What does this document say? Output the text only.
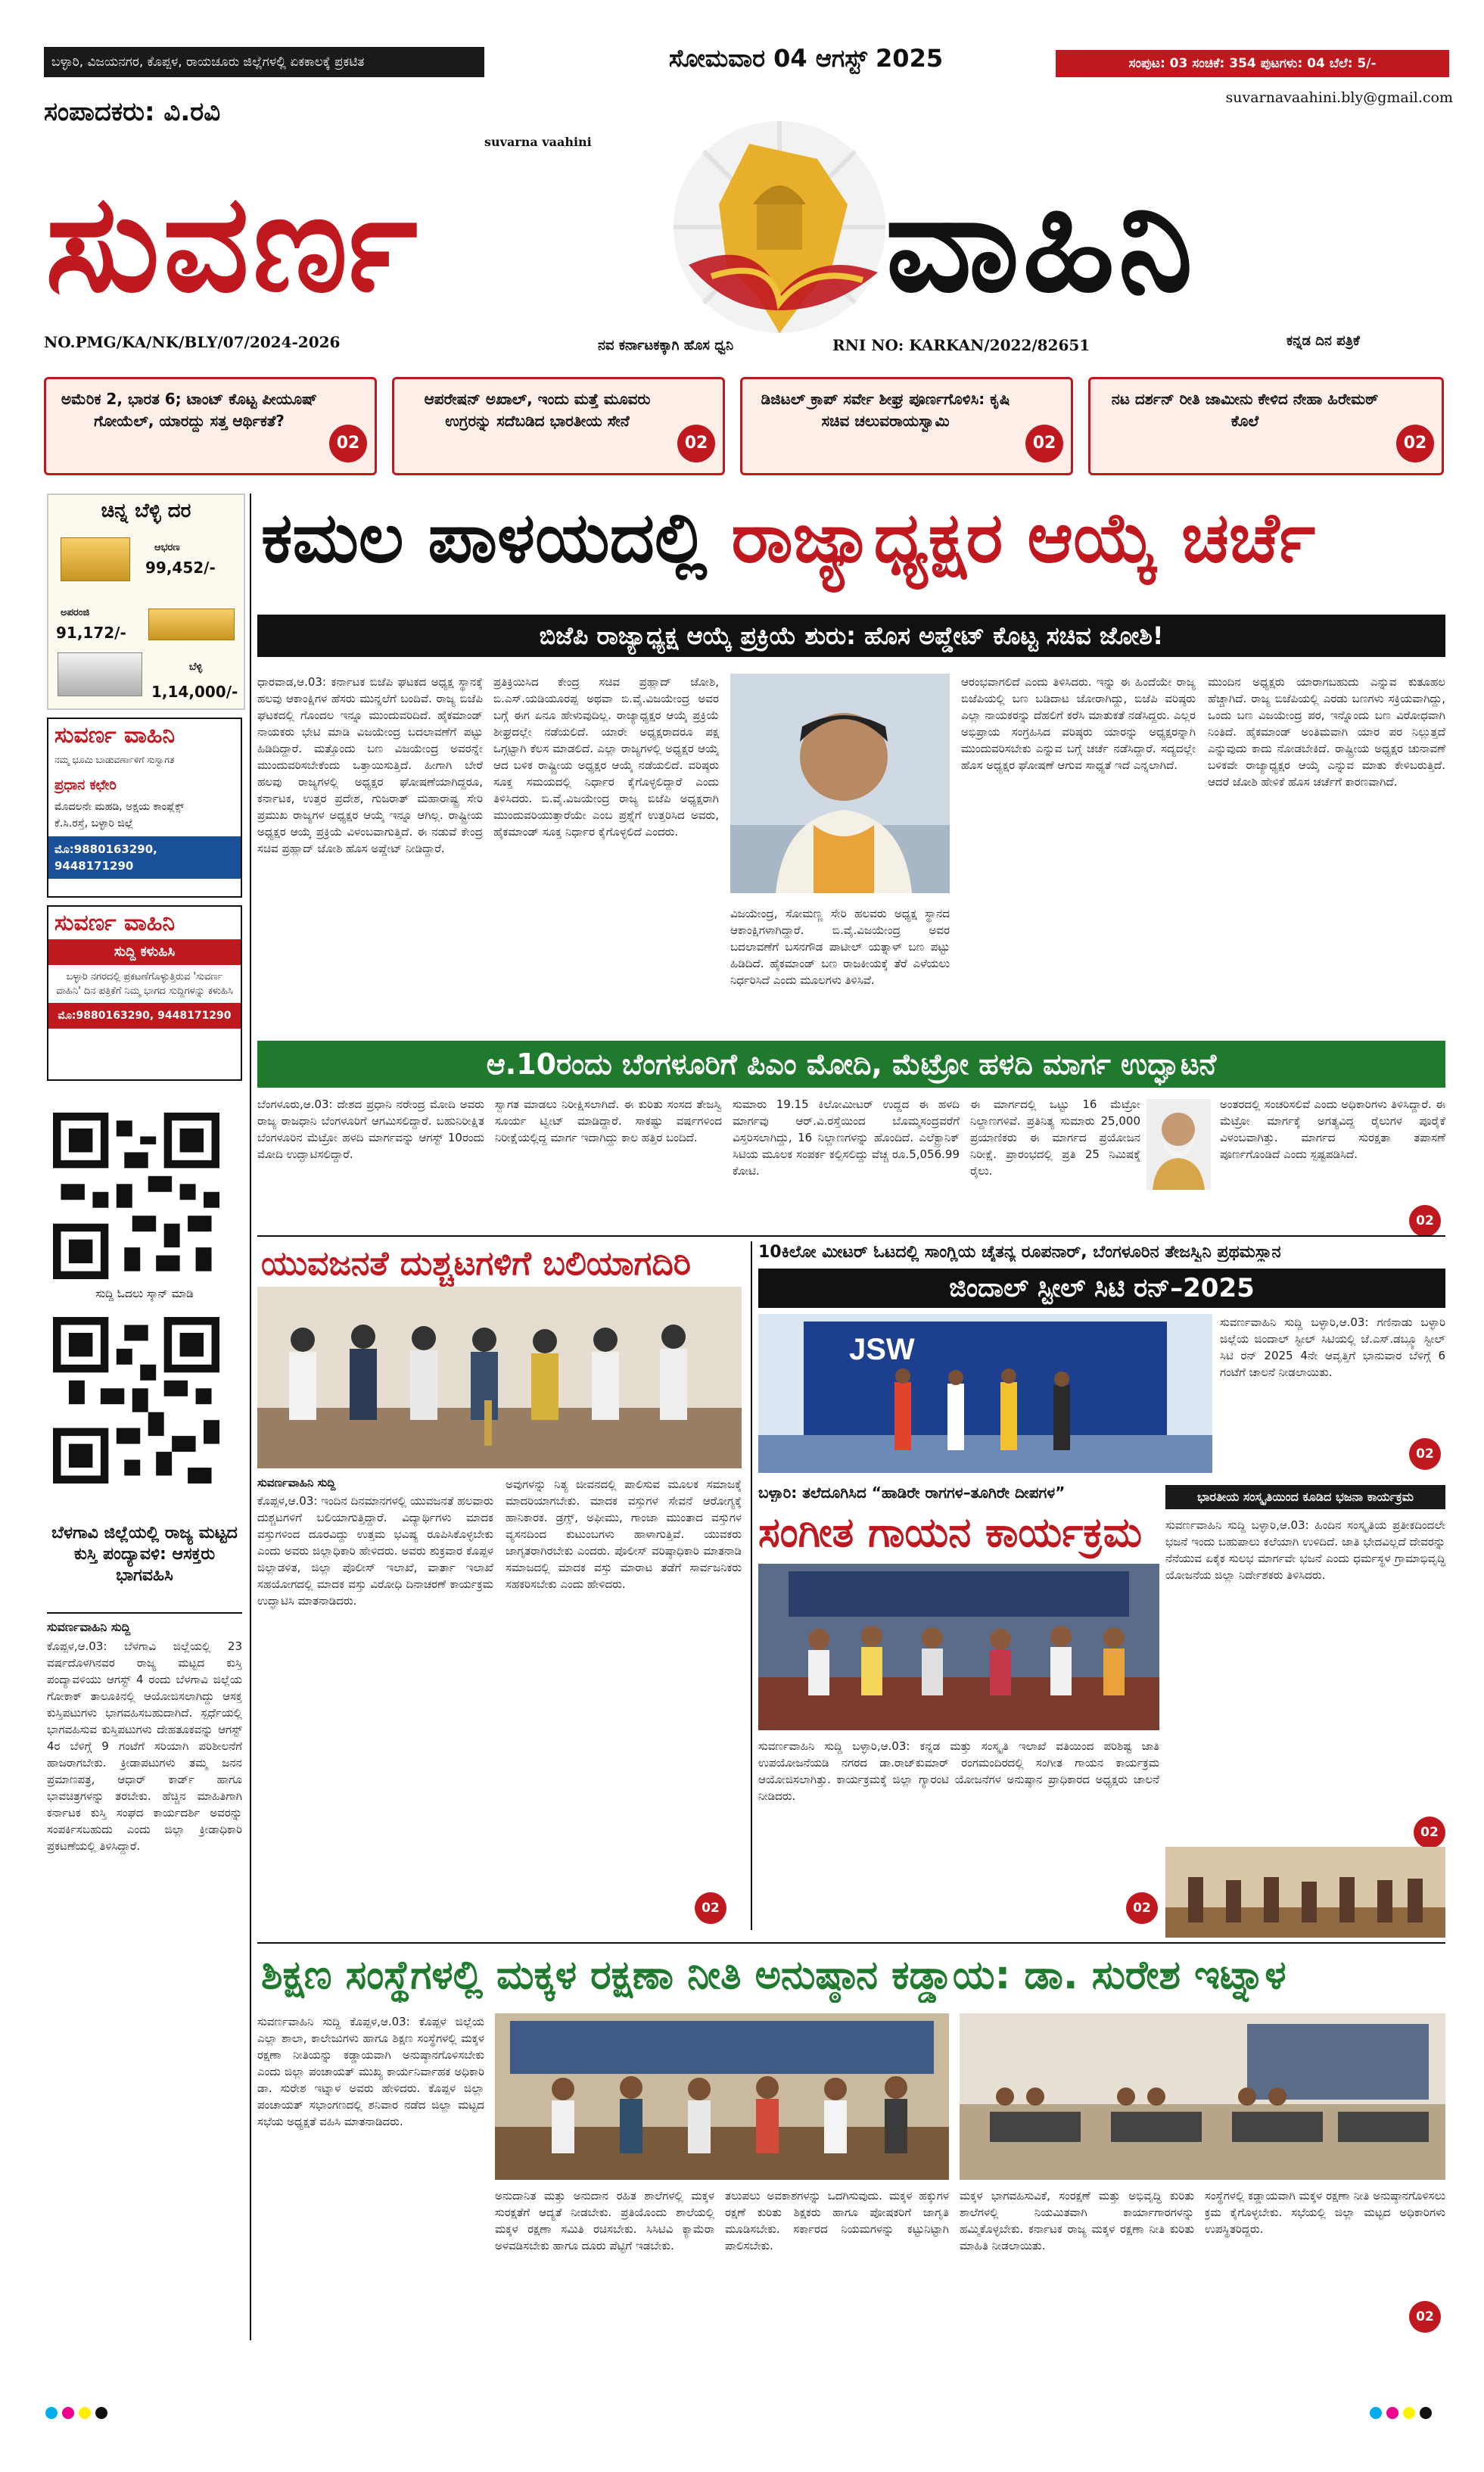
ಬಳ್ಳಾರಿ, ವಿಜಯನಗರ, ಕೊಪ್ಪಳ, ರಾಯಚೂರು ಜಿಲ್ಲೆಗಳಲ್ಲಿ ಏಕಕಾಲಕ್ಕೆ ಪ್ರಕಟಿತ	ಸೋಮವಾರ 04 ಆಗಸ್ಟ್ 2025	ಸಂಪುಟ: 03 ಸಂಚಿಕೆ: 354 ಪುಟಗಳು: 04 ಬೆಲೆ: 5/-
suvarnavaahini.bly@gmail.com
ಸಂಪಾದಕರು: ವಿ.ರವಿ
suvarna vaahini
ಸುವರ್ಣ	ವಾಹಿನಿ
NO.PMG/KA/NK/BLY/07/2024-2026	ನವ ಕರ್ನಾಟಕಕ್ಕಾಗಿ ಹೊಸ ಧ್ವನಿ	RNI NO: KARKAN/2022/82651	ಕನ್ನಡ ದಿನ ಪತ್ರಿಕೆ
ಅಮೆರಿಕ 2, ಭಾರತ 6; ಟಾಂಟ್ ಕೊಟ್ಟ ಪೀಯೂಷ್ ಗೋಯೆಲ್, ಯಾರದ್ದು ಸತ್ತ ಆರ್ಥಿಕತೆ?
02
ಆಪರೇಷನ್ ಅಖಾಲ್, ಇಂದು ಮತ್ತೆ ಮೂವರು ಉಗ್ರರನ್ನು ಸದೆಬಡಿದ ಭಾರತೀಯ ಸೇನೆ
02
ಡಿಜಿಟಲ್ ಕ್ರಾಪ್ ಸರ್ವೇ ಶೀಘ್ರ ಪೂರ್ಣಗೊಳಿಸಿ: ಕೃಷಿ ಸಚಿವ ಚಲುವರಾಯಸ್ವಾಮಿ
02
ನಟ ದರ್ಶನ್ ರೀತಿ ಜಾಮೀನು ಕೇಳಿದ ನೇಹಾ ಹಿರೇಮಠ್ ಕೊಲೆ
02
ಚಿನ್ನ ಬೆಳ್ಳಿ ದರ
ಆಭರಣ
99,452/-
ಅಪರಂಜಿ
91,172/-
ಬೆಳ್ಳಿ
1,14,000/-
ಸುವರ್ಣ ವಾಹಿನಿ
ನಮ್ಮ ಭೂಮಿ ಬಾಡುವರ್ಣಾಳಿಗೆ ಸುಸ್ವಾಗತ
ಪ್ರಧಾನ ಕಛೇರಿ
ಮೊದಲನೇ ಮಹಡಿ, ಅಕ್ಷಯ ಕಾಂಪ್ಲೆಕ್ಸ್
ಕೆ.ಸಿ.ರಸ್ತೆ, ಬಳ್ಳಾರಿ ಜಿಲ್ಲೆ
ಮೊ:9880163290, 9448171290
ಸುವರ್ಣ ವಾಹಿನಿ
ಸುದ್ದಿ ಕಳುಹಿಸಿ
ಬಳ್ಳಾರಿ ನಗರದಲ್ಲಿ ಪ್ರಕಟಣೆಗೊಳ್ಳುತ್ತಿರುವ 'ಸುವರ್ಣ ವಾಹಿನಿ' ದಿನ ಪತ್ರಿಕೆಗೆ ನಿಮ್ಮ ಭಾಗದ ಸುದ್ದಿಗಳನ್ನು ಕಳುಹಿಸಿ
ಮೊ:9880163290, 9448171290
ಸುದ್ದಿ ಓದಲು ಸ್ಕಾನ್ ಮಾಡಿ
ಬೆಳಗಾವಿ ಜಿಲ್ಲೆಯಲ್ಲಿ ರಾಜ್ಯ ಮಟ್ಟದ ಕುಸ್ತಿ ಪಂದ್ಯಾವಳಿ: ಆಸಕ್ತರು ಭಾಗವಹಿಸಿ
ಸುವರ್ಣವಾಹಿನಿ ಸುದ್ದಿ
ಕೊಪ್ಪಳ,ಆ.03: ಬೆಳಗಾವಿ ಜಿಲ್ಲೆಯಲ್ಲಿ 23 ವರ್ಷದೊಳಗಿನವರ ರಾಜ್ಯ ಮಟ್ಟದ ಕುಸ್ತಿ ಪಂದ್ಯಾವಳಿಯು ಆಗಸ್ಟ್ 4 ರಂದು ಬೆಳಗಾವಿ ಜಿಲ್ಲೆಯ ಗೋಕಾಕ್ ತಾಲೂಕಿನಲ್ಲಿ ಆಯೋಜಿಸಲಾಗಿದ್ದು ಆಸಕ್ತ ಕುಸ್ತಿಪಟುಗಳು ಭಾಗವಹಿಸಬಹುದಾಗಿದೆ. ಸ್ಪರ್ಧೆಯಲ್ಲಿ ಭಾಗವಹಿಸುವ ಕುಸ್ತಿಪಟುಗಳು ದೇಹತೂಕವನ್ನು ಆಗಸ್ಟ್ 4ರ ಬೆಳಿಗ್ಗೆ 9 ಗಂಟೆಗೆ ಸರಿಯಾಗಿ ಪರಿಶೀಲನೆಗೆ ಹಾಜರಾಗಬೇಕು. ಕ್ರೀಡಾಪಟುಗಳು ತಮ್ಮ ಜನನ ಪ್ರಮಾಣಪತ್ರ, ಆಧಾರ್ ಕಾರ್ಡ್ ಹಾಗೂ ಭಾವಚಿತ್ರಗಳನ್ನು ತರಬೇಕು. ಹೆಚ್ಚಿನ ಮಾಹಿತಿಗಾಗಿ ಕರ್ನಾಟಕ ಕುಸ್ತಿ ಸಂಘದ ಕಾರ್ಯದರ್ಶಿ ಅವರನ್ನು ಸಂಪರ್ಕಿಸಬಹುದು ಎಂದು ಜಿಲ್ಲಾ ಕ್ರೀಡಾಧಿಕಾರಿ ಪ್ರಕಟಣೆಯಲ್ಲಿ ತಿಳಿಸಿದ್ದಾರೆ.
ಕಮಲ ಪಾಳಯದಲ್ಲಿ ರಾಜ್ಯಾಧ್ಯಕ್ಷರ ಆಯ್ಕೆ ಚರ್ಚೆ
ಬಿಜೆಪಿ ರಾಜ್ಯಾಧ್ಯಕ್ಷ ಆಯ್ಕೆ ಪ್ರಕ್ರಿಯೆ ಶುರು: ಹೊಸ ಅಪ್ಡೇಟ್ ಕೊಟ್ಟ ಸಚಿವ ಜೋಶಿ!
ಧಾರವಾಡ,ಆ.03: ಕರ್ನಾಟಕ ಬಿಜೆಪಿ ಘಟಕದ ಅಧ್ಯಕ್ಷ ಸ್ಥಾನಕ್ಕೆ ಹಲವು ಆಕಾಂಕ್ಷಿಗಳ ಹೆಸರು ಮುನ್ನಲೆಗೆ ಬಂದಿವೆ. ರಾಜ್ಯ ಬಿಜೆಪಿ ಘಟಕದಲ್ಲಿ ಗೊಂದಲ ಇನ್ನೂ ಮುಂದುವರಿದಿದೆ. ಹೈಕಮಾಂಡ್ ನಾಯಕರು ಭೇಟಿ ಮಾಡಿ ವಿಜಯೇಂದ್ರ ಬದಲಾವಣೆಗೆ ಪಟ್ಟು ಹಿಡಿದಿದ್ದಾರೆ. ಮತ್ತೊಂದು ಬಣ ವಿಜಯೇಂದ್ರ ಅವರನ್ನೇ ಮುಂದುವರಿಸಬೇಕೆಂದು ಒತ್ತಾಯಿಸುತ್ತಿದೆ. ಹೀಗಾಗಿ ಬೇರೆ ಹಲವು ರಾಜ್ಯಗಳಲ್ಲಿ ಅಧ್ಯಕ್ಷರ ಘೋಷಣೆಯಾಗಿದ್ದರೂ, ಕರ್ನಾಟಕ, ಉತ್ತರ ಪ್ರದೇಶ, ಗುಜರಾತ್ ಮಹಾರಾಷ್ಟ್ರ ಸೇರಿ ಪ್ರಮುಖ ರಾಜ್ಯಗಳ ಅಧ್ಯಕ್ಷರ ಆಯ್ಕೆ ಇನ್ನೂ ಆಗಿಲ್ಲ. ರಾಷ್ಟ್ರೀಯ ಅಧ್ಯಕ್ಷರ ಆಯ್ಕೆ ಪ್ರಕ್ರಿಯೆ ವಿಳಂಬವಾಗುತ್ತಿದೆ. ಈ ನಡುವೆ ಕೇಂದ್ರ ಸಚಿವ ಪ್ರಹ್ಲಾದ್ ಜೋಶಿ ಹೊಸ ಅಪ್ಡೇಟ್ ನೀಡಿದ್ದಾರೆ.
ಪ್ರತಿಕ್ರಿಯಿಸಿದ ಕೇಂದ್ರ ಸಚಿವ ಪ್ರಹ್ಲಾದ್ ಜೋಶಿ, ಬಿ.ಎಸ್.ಯಡಿಯೂರಪ್ಪ ಅಥವಾ ಬಿ.ವೈ.ವಿಜಯೇಂದ್ರ ಅವರ ಬಗ್ಗೆ ಈಗ ಏನೂ ಹೇಳುವುದಿಲ್ಲ. ರಾಜ್ಯಾಧ್ಯಕ್ಷರ ಆಯ್ಕೆ ಪ್ರಕ್ರಿಯೆ ಶೀಘ್ರದಲ್ಲೇ ನಡೆಯಲಿದೆ. ಯಾರೇ ಅಧ್ಯಕ್ಷರಾದರೂ ಪಕ್ಷ ಒಗ್ಗಟ್ಟಾಗಿ ಕೆಲಸ ಮಾಡಲಿದೆ. ಎಲ್ಲಾ ರಾಜ್ಯಗಳಲ್ಲಿ ಅಧ್ಯಕ್ಷರ ಆಯ್ಕೆ ಆದ ಬಳಿಕ ರಾಷ್ಟ್ರೀಯ ಅಧ್ಯಕ್ಷರ ಆಯ್ಕೆ ನಡೆಯಲಿದೆ. ವರಿಷ್ಠರು ಸೂಕ್ತ ಸಮಯದಲ್ಲಿ ನಿರ್ಧಾರ ಕೈಗೊಳ್ಳಲಿದ್ದಾರೆ ಎಂದು ತಿಳಿಸಿದರು. ಬಿ.ವೈ.ವಿಜಯೇಂದ್ರ ರಾಜ್ಯ ಬಿಜೆಪಿ ಅಧ್ಯಕ್ಷರಾಗಿ ಮುಂದುವರಿಯುತ್ತಾರೆಯೇ ಎಂಬ ಪ್ರಶ್ನೆಗೆ ಉತ್ತರಿಸಿದ ಅವರು, ಹೈಕಮಾಂಡ್ ಸೂಕ್ತ ನಿರ್ಧಾರ ಕೈಗೊಳ್ಳಲಿದೆ ಎಂದರು.
ವಿಜಯೇಂದ್ರ, ಸೋಮಣ್ಣ ಸೇರಿ ಹಲವರು ಅಧ್ಯಕ್ಷ ಸ್ಥಾನದ ಆಕಾಂಕ್ಷಿಗಳಾಗಿದ್ದಾರೆ. ಬಿ.ವೈ.ವಿಜಯೇಂದ್ರ ಅವರ ಬದಲಾವಣೆಗೆ ಬಸನಗೌಡ ಪಾಟೀಲ್ ಯತ್ನಾಳ್ ಬಣ ಪಟ್ಟು ಹಿಡಿದಿದೆ. ಹೈಕಮಾಂಡ್ ಬಣ ರಾಜಕೀಯಕ್ಕೆ ತೆರೆ ಎಳೆಯಲು ನಿರ್ಧರಿಸಿದೆ ಎಂದು ಮೂಲಗಳು ತಿಳಿಸಿವೆ.
ಆರಂಭವಾಗಲಿದೆ ಎಂದು ತಿಳಿಸಿದರು. ಇನ್ನು ಈ ಹಿಂದೆಯೇ ರಾಜ್ಯ ಬಿಜೆಪಿಯಲ್ಲಿ ಬಣ ಬಡಿದಾಟ ಜೋರಾಗಿದ್ದು, ಬಿಜೆಪಿ ವರಿಷ್ಠರು ಎಲ್ಲಾ ನಾಯಕರನ್ನು ದೆಹಲಿಗೆ ಕರೆಸಿ ಮಾತುಕತೆ ನಡೆಸಿದ್ದರು. ಎಲ್ಲರ ಅಭಿಪ್ರಾಯ ಸಂಗ್ರಹಿಸಿದ ವರಿಷ್ಠರು ಯಾರನ್ನು ಅಧ್ಯಕ್ಷರನ್ನಾಗಿ ಮುಂದುವರಿಸಬೇಕು ಎನ್ನುವ ಬಗ್ಗೆ ಚರ್ಚೆ ನಡೆಸಿದ್ದಾರೆ. ಸದ್ಯದಲ್ಲೇ ಹೊಸ ಅಧ್ಯಕ್ಷರ ಘೋಷಣೆ ಆಗುವ ಸಾಧ್ಯತೆ ಇದೆ ಎನ್ನಲಾಗಿದೆ.
ಮುಂದಿನ ಅಧ್ಯಕ್ಷರು ಯಾರಾಗಬಹುದು ಎನ್ನುವ ಕುತೂಹಲ ಹೆಚ್ಚಾಗಿದೆ. ರಾಜ್ಯ ಬಿಜೆಪಿಯಲ್ಲಿ ಎರಡು ಬಣಗಳು ಸಕ್ರಿಯವಾಗಿದ್ದು, ಒಂದು ಬಣ ವಿಜಯೇಂದ್ರ ಪರ, ಇನ್ನೊಂದು ಬಣ ವಿರೋಧವಾಗಿ ನಿಂತಿದೆ. ಹೈಕಮಾಂಡ್ ಅಂತಿಮವಾಗಿ ಯಾರ ಪರ ನಿಲ್ಲುತ್ತದೆ ಎನ್ನುವುದು ಕಾದು ನೋಡಬೇಕಿದೆ. ರಾಷ್ಟ್ರೀಯ ಅಧ್ಯಕ್ಷರ ಚುನಾವಣೆ ಬಳಿಕವೇ ರಾಜ್ಯಾಧ್ಯಕ್ಷರ ಆಯ್ಕೆ ಎನ್ನುವ ಮಾತು ಕೇಳಿಬರುತ್ತಿದೆ. ಆದರೆ ಜೋಶಿ ಹೇಳಿಕೆ ಹೊಸ ಚರ್ಚೆಗೆ ಕಾರಣವಾಗಿದೆ.
ಆ.10ರಂದು ಬೆಂಗಳೂರಿಗೆ ಪಿಎಂ ಮೋದಿ, ಮೆಟ್ರೋ ಹಳದಿ ಮಾರ್ಗ ಉದ್ಘಾಟನೆ
ಬೆಂಗಳೂರು,ಆ.03: ದೇಶದ ಪ್ರಧಾನಿ ನರೇಂದ್ರ ಮೋದಿ ಅವರು ರಾಜ್ಯ ರಾಜಧಾನಿ ಬೆಂಗಳೂರಿಗೆ ಆಗಮಿಸಲಿದ್ದಾರೆ. ಬಹುನಿರೀಕ್ಷಿತ ಬೆಂಗಳೂರಿನ ಮೆಟ್ರೋ ಹಳದಿ ಮಾರ್ಗವನ್ನು ಆಗಸ್ಟ್ 10ರಂದು ಮೋದಿ ಉದ್ಘಾಟಿಸಲಿದ್ದಾರೆ.
ಸ್ವಾಗತ ಮಾಡಲು ನಿರೀಕ್ಷಿಸಲಾಗಿದೆ. ಈ ಕುರಿತು ಸಂಸದ ತೇಜಸ್ವಿ ಸೂರ್ಯ ಟ್ವೀಟ್ ಮಾಡಿದ್ದಾರೆ. ಸಾಕಷ್ಟು ವರ್ಷಗಳಿಂದ ನಿರೀಕ್ಷೆಯಲ್ಲಿದ್ದ ಮಾರ್ಗ ಇದಾಗಿದ್ದು ಕಾಲ ಹತ್ತಿರ ಬಂದಿದೆ.
ಸುಮಾರು 19.15 ಕಿಲೋಮೀಟರ್ ಉದ್ದದ ಈ ಹಳದಿ ಮಾರ್ಗವು ಆರ್.ವಿ.ರಸ್ತೆಯಿಂದ ಬೊಮ್ಮಸಂದ್ರವರೆಗೆ ವಿಸ್ತರಿಸಲಾಗಿದ್ದು, 16 ನಿಲ್ದಾಣಗಳನ್ನು ಹೊಂದಿದೆ. ಎಲೆಕ್ಟ್ರಾನಿಕ್ ಸಿಟಿಯ ಮೂಲಕ ಸಂಪರ್ಕ ಕಲ್ಪಿಸಲಿದ್ದು ವೆಚ್ಚ ರೂ.5,056.99 ಕೋಟಿ.
ಈ ಮಾರ್ಗದಲ್ಲಿ ಒಟ್ಟು 16 ಮೆಟ್ರೋ ನಿಲ್ದಾಣಗಳಿವೆ. ಪ್ರತಿನಿತ್ಯ ಸುಮಾರು 25,000 ಪ್ರಯಾಣಿಕರು ಈ ಮಾರ್ಗದ ಪ್ರಯೋಜನ ನಿರೀಕ್ಷೆ. ಪ್ರಾರಂಭದಲ್ಲಿ ಪ್ರತಿ 25 ನಿಮಿಷಕ್ಕೆ ರೈಲು.
ಅಂತರದಲ್ಲಿ ಸಂಚರಿಸಲಿವೆ ಎಂದು ಅಧಿಕಾರಿಗಳು ತಿಳಿಸಿದ್ದಾರೆ. ಈ ಮೆಟ್ರೋ ಮಾರ್ಗಕ್ಕೆ ಅಗತ್ಯವಿದ್ದ ರೈಲುಗಳ ಪೂರೈಕೆ ವಿಳಂಬವಾಗಿತ್ತು. ಮಾರ್ಗದ ಸುರಕ್ಷತಾ ತಪಾಸಣೆ ಪೂರ್ಣಗೊಂಡಿದೆ ಎಂದು ಸ್ಪಷ್ಟಪಡಿಸಿದೆ.
02
ಯುವಜನತೆ ದುಶ್ಚಟಗಳಿಗೆ ಬಲಿಯಾಗದಿರಿ
ಸುವರ್ಣವಾಹಿನಿ ಸುದ್ದಿ
ಕೊಪ್ಪಳ,ಆ.03: ಇಂದಿನ ದಿನಮಾನಗಳಲ್ಲಿ ಯುವಜನತೆ ಹಲವಾರು ದುಶ್ಚಟಗಳಿಗೆ ಬಲಿಯಾಗುತ್ತಿದ್ದಾರೆ. ವಿದ್ಯಾರ್ಥಿಗಳು ಮಾದಕ ವಸ್ತುಗಳಿಂದ ದೂರವಿದ್ದು ಉತ್ತಮ ಭವಿಷ್ಯ ರೂಪಿಸಿಕೊಳ್ಳಬೇಕು ಎಂದು ಅವರು ಜಿಲ್ಲಾಧಿಕಾರಿ ಹೇಳಿದರು. ಅವರು ಶುಕ್ರವಾರ ಕೊಪ್ಪಳ ಜಿಲ್ಲಾಡಳಿತ, ಜಿಲ್ಲಾ ಪೊಲೀಸ್ ಇಲಾಖೆ, ವಾರ್ತಾ ಇಲಾಖೆ ಸಹಯೋಗದಲ್ಲಿ ಮಾದಕ ವಸ್ತು ವಿರೋಧಿ ದಿನಾಚರಣೆ ಕಾರ್ಯಕ್ರಮ ಉದ್ಘಾಟಿಸಿ ಮಾತನಾಡಿದರು.
ಅವುಗಳನ್ನು ನಿತ್ಯ ಜೀವನದಲ್ಲಿ ಪಾಲಿಸುವ ಮೂಲಕ ಸಮಾಜಕ್ಕೆ ಮಾದರಿಯಾಗಬೇಕು. ಮಾದಕ ವಸ್ತುಗಳ ಸೇವನೆ ಆರೋಗ್ಯಕ್ಕೆ ಹಾನಿಕಾರಕ. ಡ್ರಗ್ಸ್, ಅಫೀಮು, ಗಾಂಜಾ ಮುಂತಾದ ವಸ್ತುಗಳ ವ್ಯಸನದಿಂದ ಕುಟುಂಬಗಳು ಹಾಳಾಗುತ್ತಿವೆ. ಯುವಕರು ಜಾಗೃತರಾಗಿರಬೇಕು ಎಂದರು. ಪೊಲೀಸ್ ವರಿಷ್ಠಾಧಿಕಾರಿ ಮಾತನಾಡಿ ಸಮಾಜದಲ್ಲಿ ಮಾದಕ ವಸ್ತು ಮಾರಾಟ ತಡೆಗೆ ಸಾರ್ವಜನಿಕರು ಸಹಕರಿಸಬೇಕು ಎಂದು ಹೇಳಿದರು.
02
10ಕಿಲೋ ಮೀಟರ್ ಓಟದಲ್ಲಿ ಸಾಂಗ್ಲಿಯ ಚೈತನ್ಯ ರೂಪನಾರ್, ಬೆಂಗಳೂರಿನ ತೇಜಸ್ವಿನಿ ಪ್ರಥಮಸ್ಥಾನ
ಜಿಂದಾಲ್ ಸ್ಟೀಲ್ ಸಿಟಿ ರನ್‌–2025
JSW
ಸುವರ್ಣವಾಹಿನಿ ಸುದ್ದಿ ಬಳ್ಳಾರಿ,ಆ.03: ಗಣಿನಾಡು ಬಳ್ಳಾರಿ ಜಿಲ್ಲೆಯ ಜಿಂದಾಲ್ ಸ್ಟೀಲ್ ಸಿಟಿಯಲ್ಲಿ ಜೆ.ಎಸ್.ಡಬ್ಲ್ಯೂ ಸ್ಟೀಲ್ ಸಿಟಿ ರನ್ 2025 4ನೇ ಆವೃತ್ತಿಗೆ ಭಾನುವಾರ ಬೆಳಿಗ್ಗೆ 6 ಗಂಟೆಗೆ ಚಾಲನೆ ನೀಡಲಾಯಿತು.
02
ಬಳ್ಳಾರಿ: ತಲೆದೂಗಿಸಿದ “ಹಾಡಿರೇ ರಾಗಗಳ–ತೂಗಿರೇ ದೀಪಗಳ”
ಸಂಗೀತ ಗಾಯನ ಕಾರ್ಯಕ್ರಮ
ಸುವರ್ಣವಾಹಿನಿ ಸುದ್ದಿ ಬಳ್ಳಾರಿ,ಆ.03: ಕನ್ನಡ ಮತ್ತು ಸಂಸ್ಕೃತಿ ಇಲಾಖೆ ವತಿಯಿಂದ ಪರಿಶಿಷ್ಟ ಜಾತಿ ಉಪಯೋಜನೆಯಡಿ ನಗರದ ಡಾ.ರಾಜ್‌ಕುಮಾರ್ ರಂಗಮಂದಿರದಲ್ಲಿ ಸಂಗೀತ ಗಾಯನ ಕಾರ್ಯಕ್ರಮ ಆಯೋಜಿಸಲಾಗಿತ್ತು. ಕಾರ್ಯಕ್ರಮಕ್ಕೆ ಜಿಲ್ಲಾ ಗ್ಯಾರಂಟಿ ಯೋಜನೆಗಳ ಅನುಷ್ಠಾನ ಪ್ರಾಧಿಕಾರದ ಅಧ್ಯಕ್ಷರು ಚಾಲನೆ ನೀಡಿದರು.
02
ಭಾರತೀಯ ಸಂಸ್ಕೃತಿಯಿಂದ ಕೂಡಿದ ಭಜನಾ ಕಾರ್ಯಕ್ರಮ
ಸುವರ್ಣವಾಹಿನಿ ಸುದ್ದಿ ಬಳ್ಳಾರಿ,ಆ.03: ಹಿಂದಿನ ಸಂಸ್ಕೃತಿಯ ಪ್ರತೀಕದಿಂದಲೇ ಭಜನೆ ಇಂದು ಬಹುಪಾಲು ಕಲೆಯಾಗಿ ಉಳಿದಿದೆ. ಜಾತಿ ಭೇದವಿಲ್ಲದೆ ದೇವರನ್ನು ನೆನೆಯುವ ಏಕೈಕ ಸುಲಭ ಮಾರ್ಗವೇ ಭಜನೆ ಎಂದು ಧರ್ಮಸ್ಥಳ ಗ್ರಾಮಾಭಿವೃದ್ಧಿ ಯೋಜನೆಯ ಜಿಲ್ಲಾ ನಿರ್ದೇಶಕರು ತಿಳಿಸಿದರು.
02
ಶಿಕ್ಷಣ ಸಂಸ್ಥೆಗಳಲ್ಲಿ ಮಕ್ಕಳ ರಕ್ಷಣಾ ನೀತಿ ಅನುಷ್ಠಾನ ಕಡ್ಡಾಯ: ಡಾ. ಸುರೇಶ ಇಟ್ನಾಳ
ಸುವರ್ಣವಾಹಿನಿ ಸುದ್ದಿ ಕೊಪ್ಪಳ,ಆ.03: ಕೊಪ್ಪಳ ಜಿಲ್ಲೆಯ ಎಲ್ಲಾ ಶಾಲಾ, ಕಾಲೇಜುಗಳು ಹಾಗೂ ಶಿಕ್ಷಣ ಸಂಸ್ಥೆಗಳಲ್ಲಿ ಮಕ್ಕಳ ರಕ್ಷಣಾ ನೀತಿಯನ್ನು ಕಡ್ಡಾಯವಾಗಿ ಅನುಷ್ಠಾನಗೊಳಿಸಬೇಕು ಎಂದು ಜಿಲ್ಲಾ ಪಂಚಾಯತ್ ಮುಖ್ಯ ಕಾರ್ಯನಿರ್ವಾಹಕ ಅಧಿಕಾರಿ ಡಾ. ಸುರೇಶ ಇಟ್ನಾಳ ಅವರು ಹೇಳಿದರು. ಕೊಪ್ಪಳ ಜಿಲ್ಲಾ ಪಂಚಾಯತ್ ಸಭಾಂಗಣದಲ್ಲಿ ಶನಿವಾರ ನಡೆದ ಜಿಲ್ಲಾ ಮಟ್ಟದ ಸಭೆಯ ಅಧ್ಯಕ್ಷತೆ ವಹಿಸಿ ಮಾತನಾಡಿದರು.
ಅನುದಾನಿತ ಮತ್ತು ಅನುದಾನ ರಹಿತ ಶಾಲೆಗಳಲ್ಲಿ ಮಕ್ಕಳ ಸುರಕ್ಷತೆಗೆ ಆದ್ಯತೆ ನೀಡಬೇಕು. ಪ್ರತಿಯೊಂದು ಶಾಲೆಯಲ್ಲಿ ಮಕ್ಕಳ ರಕ್ಷಣಾ ಸಮಿತಿ ರಚಿಸಬೇಕು. ಸಿಸಿಟಿವಿ ಕ್ಯಾಮೆರಾ ಅಳವಡಿಸಬೇಕು ಹಾಗೂ ದೂರು ಪೆಟ್ಟಿಗೆ ಇಡಬೇಕು.
ತಲುಪಲು ಅವಕಾಶಗಳನ್ನು ಒದಗಿಸುವುದು. ಮಕ್ಕಳ ಹಕ್ಕುಗಳ ರಕ್ಷಣೆ ಕುರಿತು ಶಿಕ್ಷಕರು ಹಾಗೂ ಪೋಷಕರಿಗೆ ಜಾಗೃತಿ ಮೂಡಿಸಬೇಕು. ಸರ್ಕಾರದ ನಿಯಮಗಳನ್ನು ಕಟ್ಟುನಿಟ್ಟಾಗಿ ಪಾಲಿಸಬೇಕು.
ಮಕ್ಕಳ ಭಾಗವಹಿಸುವಿಕೆ, ಸಂರಕ್ಷಣೆ ಮತ್ತು ಅಭಿವೃದ್ಧಿ ಕುರಿತು ಶಾಲೆಗಳಲ್ಲಿ ನಿಯಮಿತವಾಗಿ ಕಾರ್ಯಾಗಾರಗಳನ್ನು ಹಮ್ಮಿಕೊಳ್ಳಬೇಕು. ಕರ್ನಾಟಕ ರಾಜ್ಯ ಮಕ್ಕಳ ರಕ್ಷಣಾ ನೀತಿ ಕುರಿತು ಮಾಹಿತಿ ನೀಡಲಾಯಿತು.
ಸಂಸ್ಥೆಗಳಲ್ಲಿ ಕಡ್ಡಾಯವಾಗಿ ಮಕ್ಕಳ ರಕ್ಷಣಾ ನೀತಿ ಅನುಷ್ಠಾನಗೊಳಿಸಲು ಕ್ರಮ ಕೈಗೊಳ್ಳಬೇಕು. ಸಭೆಯಲ್ಲಿ ಜಿಲ್ಲಾ ಮಟ್ಟದ ಅಧಿಕಾರಿಗಳು ಉಪಸ್ಥಿತರಿದ್ದರು.
02
